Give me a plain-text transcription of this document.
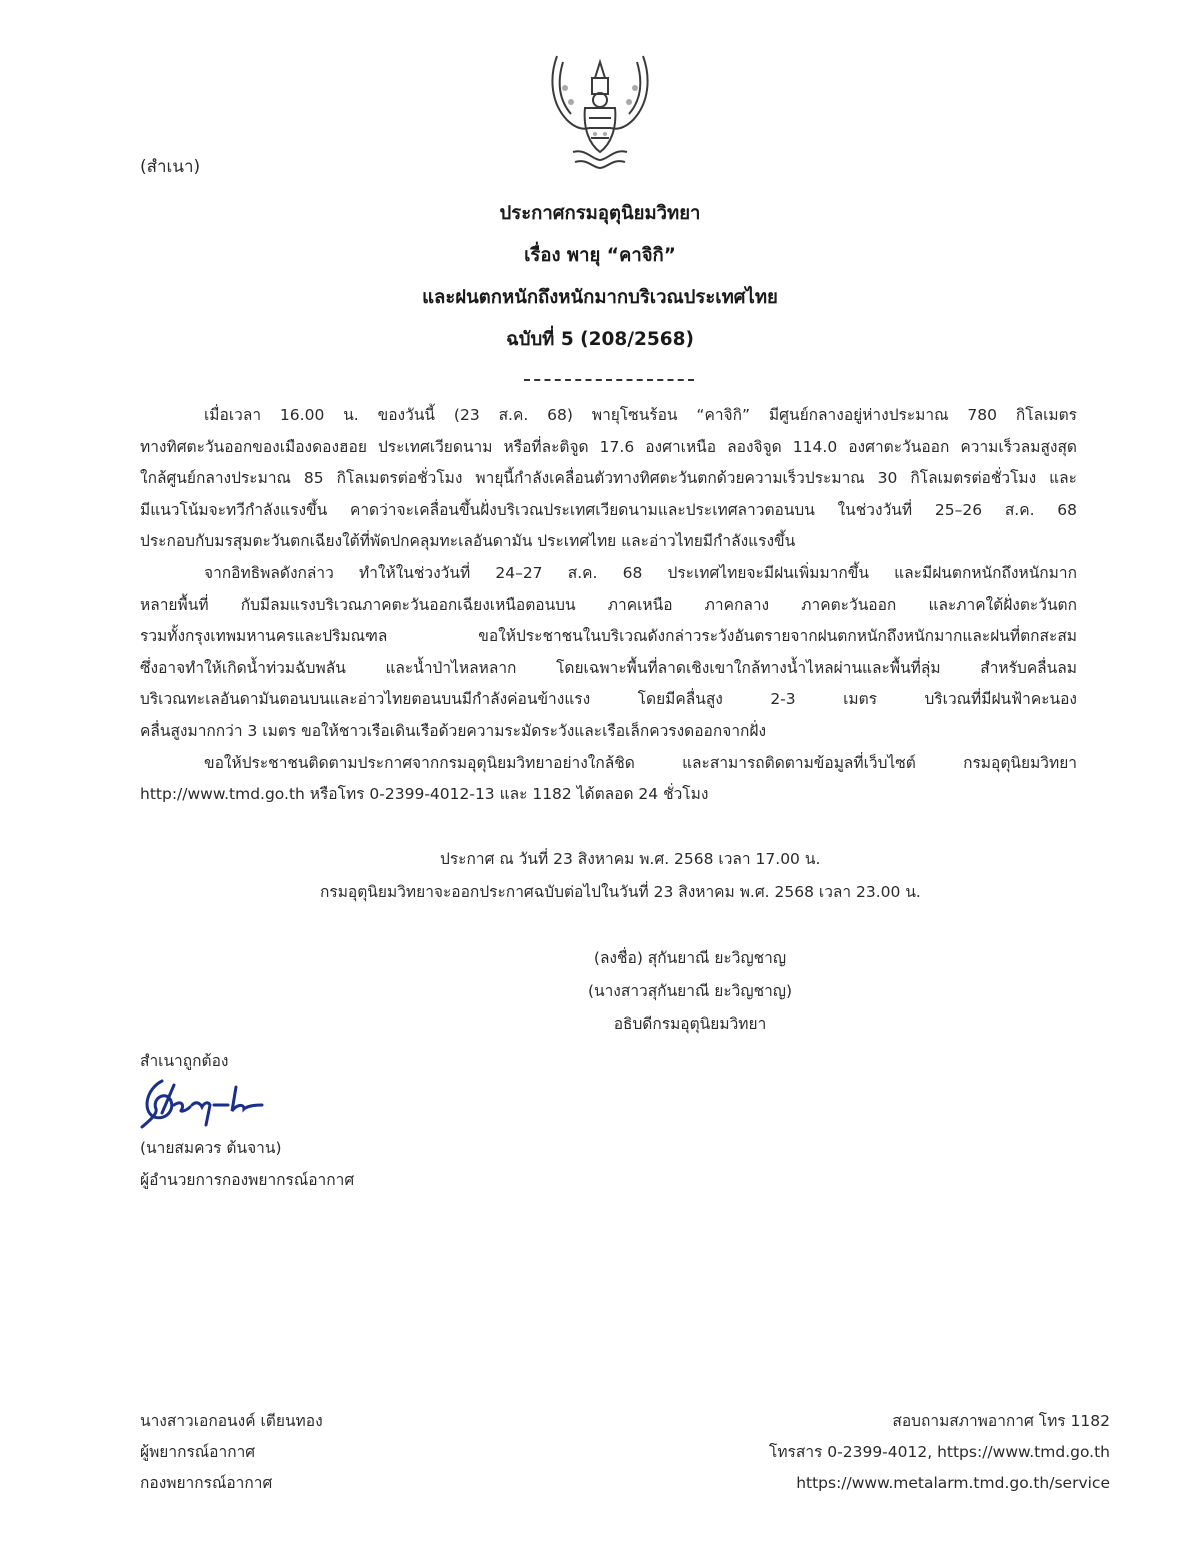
(สำเนา)
ประกาศกรมอุตุนิยมวิทยา
เรื่อง พายุ “คาจิกิ”
และฝนตกหนักถึงหนักมากบริเวณประเทศไทย
ฉบับที่ 5 (208/2568)
เมื่อเวลา 16.00 น. ของวันนี้ (23 ส.ค. 68) พายุโซนร้อน “คาจิกิ” มีศูนย์กลางอยู่ห่างประมาณ 780 กิโลเมตร
ทางทิศตะวันออกของเมืองดองฮอย ประเทศเวียดนาม หรือที่ละติจูด 17.6 องศาเหนือ ลองจิจูด 114.0 องศาตะวันออก ความเร็วลมสูงสุด
ใกล้ศูนย์กลางประมาณ 85 กิโลเมตรต่อชั่วโมง พายุนี้กำลังเคลื่อนตัวทางทิศตะวันตกด้วยความเร็วประมาณ 30 กิโลเมตรต่อชั่วโมง และ
มีแนวโน้มจะทวีกำลังแรงขึ้น คาดว่าจะเคลื่อนขึ้นฝั่งบริเวณประเทศเวียดนามและประเทศลาวตอนบน ในช่วงวันที่ 25–26 ส.ค. 68
ประกอบกับมรสุมตะวันตกเฉียงใต้ที่พัดปกคลุมทะเลอันดามัน ประเทศไทย และอ่าวไทยมีกำลังแรงขึ้น
จากอิทธิพลดังกล่าว ทำให้ในช่วงวันที่ 24–27 ส.ค. 68 ประเทศไทยจะมีฝนเพิ่มมากขึ้น และมีฝนตกหนักถึงหนักมาก
หลายพื้นที่ กับมีลมแรงบริเวณภาคตะวันออกเฉียงเหนือตอนบน ภาคเหนือ ภาคกลาง ภาคตะวันออก และภาคใต้ฝั่งตะวันตก
รวมทั้งกรุงเทพมหานครและปริมณฑล ขอให้ประชาชนในบริเวณดังกล่าวระวังอันตรายจากฝนตกหนักถึงหนักมากและฝนที่ตกสะสม
ซึ่งอาจทำให้เกิดน้ำท่วมฉับพลัน และน้ำป่าไหลหลาก โดยเฉพาะพื้นที่ลาดเชิงเขาใกล้ทางน้ำไหลผ่านและพื้นที่ลุ่ม สำหรับคลื่นลม
บริเวณทะเลอันดามันตอนบนและอ่าวไทยตอนบนมีกำลังค่อนข้างแรง โดยมีคลื่นสูง 2-3 เมตร บริเวณที่มีฝนฟ้าคะนอง
คลื่นสูงมากกว่า 3 เมตร ขอให้ชาวเรือเดินเรือด้วยความระมัดระวังและเรือเล็กควรงดออกจากฝั่ง
ขอให้ประชาชนติดตามประกาศจากกรมอุตุนิยมวิทยาอย่างใกล้ชิด และสามารถติดตามข้อมูลที่เว็บไซต์ กรมอุตุนิยมวิทยา
http://www.tmd.go.th หรือโทร 0-2399-4012-13 และ 1182 ได้ตลอด 24 ชั่วโมง
ประกาศ ณ วันที่ 23 สิงหาคม พ.ศ. 2568 เวลา 17.00 น.
กรมอุตุนิยมวิทยาจะออกประกาศฉบับต่อไปในวันที่ 23 สิงหาคม พ.ศ. 2568 เวลา 23.00 น.
(ลงชื่อ) สุกันยาณี ยะวิญชาญ
(นางสาวสุกันยาณี ยะวิญชาญ)
อธิบดีกรมอุตุนิยมวิทยา
สำเนาถูกต้อง
(นายสมควร ต้นจาน)
ผู้อำนวยการกองพยากรณ์อากาศ
นางสาวเอกอนงค์ เตียนทอง
ผู้พยากรณ์อากาศ
กองพยากรณ์อากาศ
สอบถามสภาพอากาศ โทร 1182
โทรสาร 0-2399-4012, https://www.tmd.go.th
https://www.metalarm.tmd.go.th/service
